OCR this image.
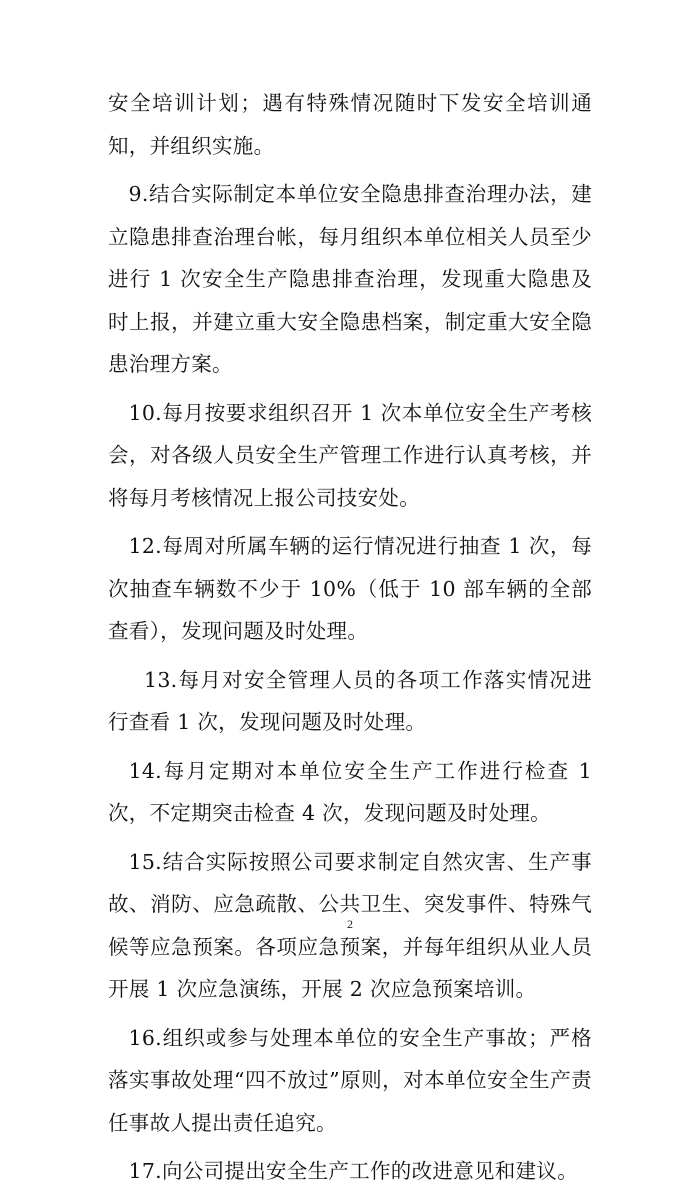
安全培训计划；遇有特殊情况随时下发安全培训通知，并组织实施。

9.结合实际制定本单位安全隐患排查治理办法，建立隐患排查治理台帐，每月组织本单位相关人员至少进行 1 次安全生产隐患排查治理，发现重大隐患及时上报，并建立重大安全隐患档案，制定重大安全隐患治理方案。

10.每月按要求组织召开 1 次本单位安全生产考核会，对各级人员安全生产管理工作进行认真考核，并将每月考核情况上报公司技安处。

12.每周对所属车辆的运行情况进行抽查 1 次，每次抽查车辆数不少于 10%（低于 10 部车辆的全部查看），发现问题及时处理。

13.每月对安全管理人员的各项工作落实情况进行查看 1 次，发现问题及时处理。

14.每月定期对本单位安全生产工作进行检查 1 次，不定期突击检查 4 次，发现问题及时处理。

15.结合实际按照公司要求制定自然灾害、生产事故、消防、应急疏散、公共卫生、突发事件、特殊气候等应急预案。各项应急预案，并每年组织从业人员开展 1 次应急演练，开展 2 次应急预案培训。

16.组织或参与处理本单位的安全生产事故；严格落实事故处理“四不放过”原则，对本单位安全生产责任事故人提出责任追究。

17.向公司提出安全生产工作的改进意见和建议。

2
